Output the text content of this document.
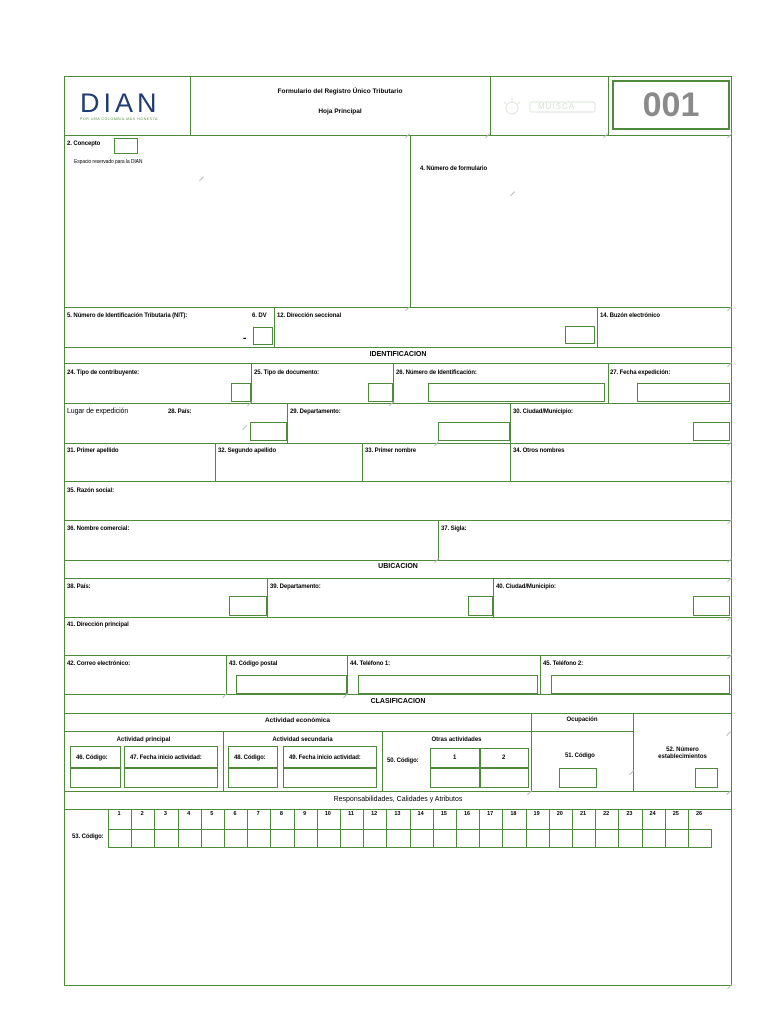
DIAN
POR UNA COLOMBIA MÁS HONESTA
Formulario del Registro Único Tributario
Hoja Principal
MUISCA	001
2. Concepto
Espacio reservado para la DIAN
4. Número de formulario
5. Número de Identificación Tributaria (NIT):	6. DV
-
12. Dirección seccional	14. Buzón electrónico
IDENTIFICACION
24. Tipo de contribuyente:	25. Tipo de documento:	26. Número de Identificación:	27. Fecha expedición:
Lugar de expedición	28. País:	29. Departamento:	30. Ciudad/Municipio:
31. Primer apellido	32. Segundo apellido	33. Primer nombre	34. Otros nombres
35. Razón social:
36. Nombre comercial:	37. Sigla:
UBICACION
38. País:	39. Departamento:	40. Ciudad/Municipio:
41. Dirección principal
42. Correo electrónico:	43. Código postal	44. Teléfono 1:	45. Teléfono 2:
CLASIFICACION
Actividad económica	Ocupación
Actividad principal	Actividad secundaria	Otras actividades
46. Código:	47. Fecha inicio actividad:	48. Código:	49. Fecha inicio actividad:	50. Código:	1	2	51. Código
52. Número
establecimientos
Responsabilidades, Calidades y Atributos
53. Código:
1	2	3	4	5	6	7	8	9	10	11	12	13	14	15	16	17	18	19	20	21	22	23	24	25	26
